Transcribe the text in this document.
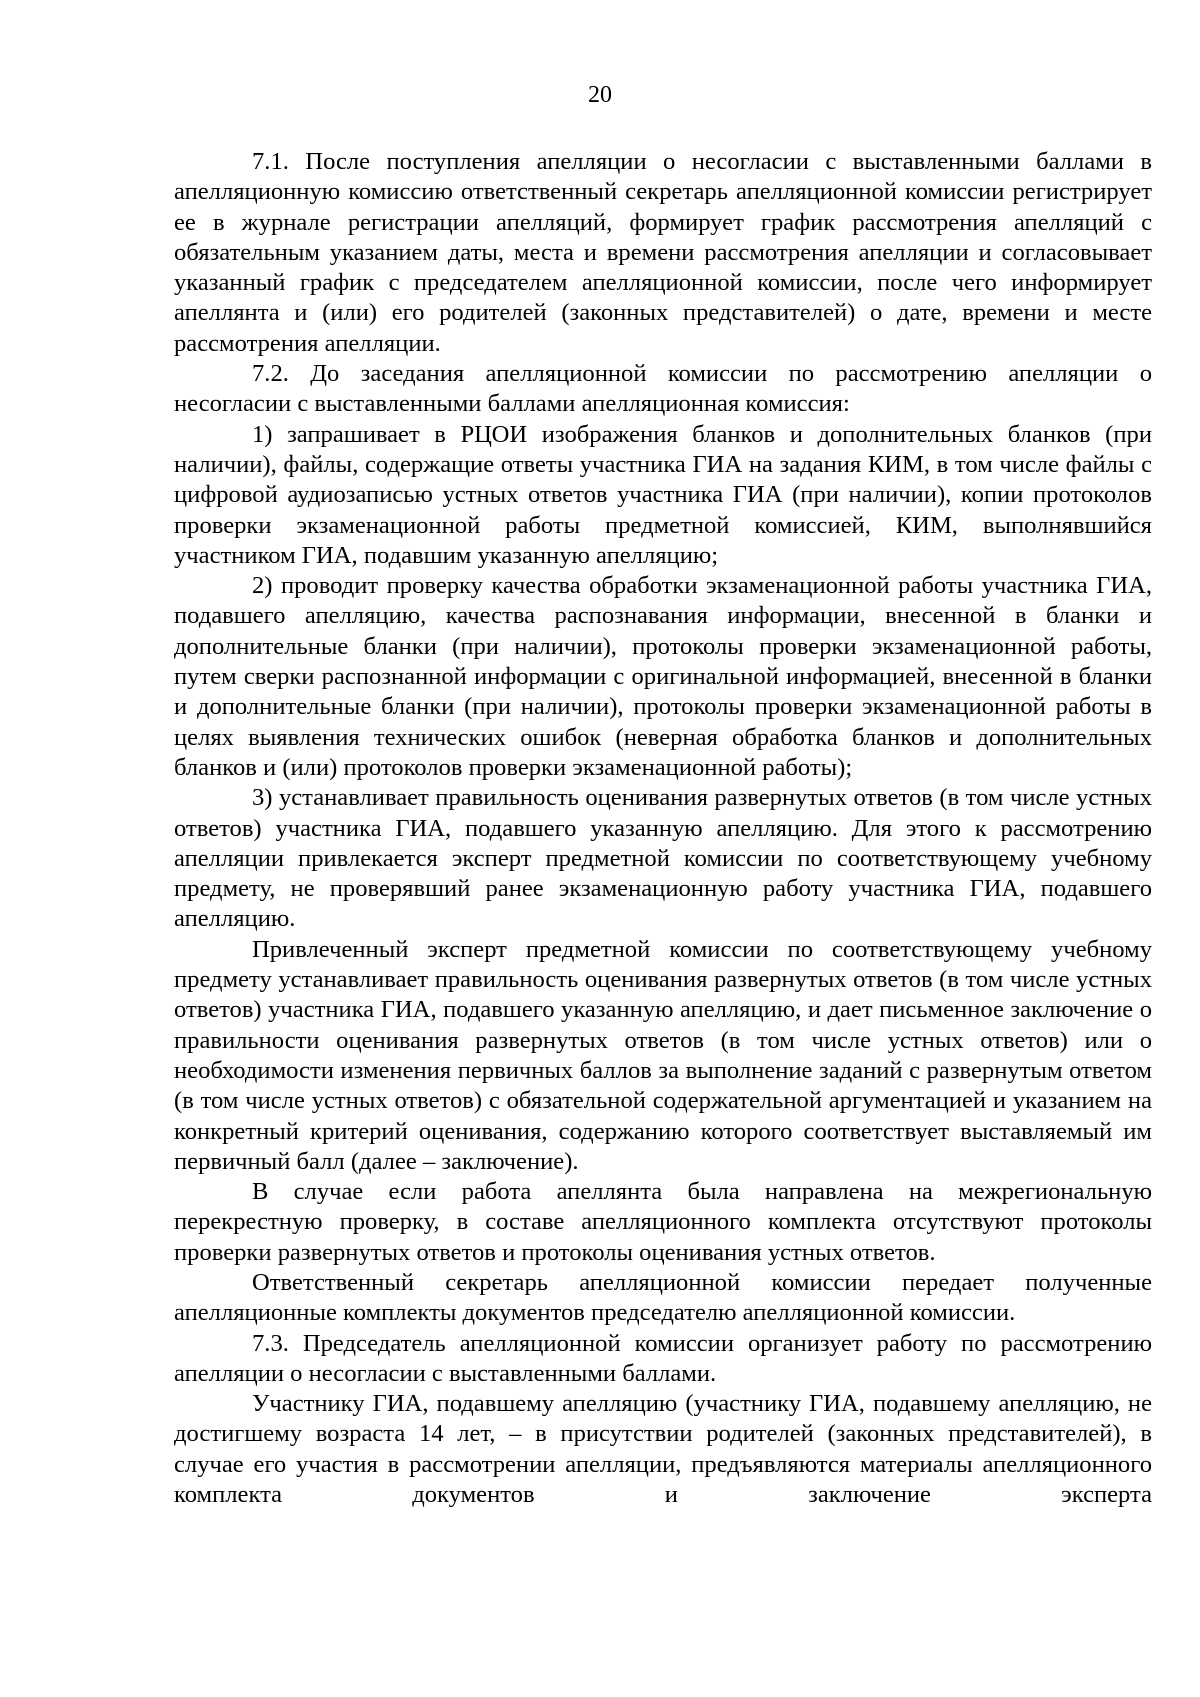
20

7.1. После поступления апелляции о несогласии с выставленными баллами в апелляционную комиссию ответственный секретарь апелляционной комиссии регистрирует ее в журнале регистрации апелляций, формирует график рассмотрения апелляций с обязательным указанием даты, места и времени рассмотрения апелляции и согласовывает указанный график с председателем апелляционной комиссии, после чего информирует апеллянта и (или) его родителей (законных представителей) о дате, времени и месте рассмотрения апелляции.

7.2. До заседания апелляционной комиссии по рассмотрению апелляции о несогласии с выставленными баллами апелляционная комиссия:

1) запрашивает в РЦОИ изображения бланков и дополнительных бланков (при наличии), файлы, содержащие ответы участника ГИА на задания КИМ, в том числе файлы с цифровой аудиозаписью устных ответов участника ГИА (при наличии), копии протоколов проверки экзаменационной работы предметной комиссией, КИМ, выполнявшийся участником ГИА, подавшим указанную апелляцию;

2) проводит проверку качества обработки экзаменационной работы участника ГИА, подавшего апелляцию, качества распознавания информации, внесенной в бланки и дополнительные бланки (при наличии), протоколы проверки экзаменационной работы, путем сверки распознанной информации с оригинальной информацией, внесенной в бланки и дополнительные бланки (при наличии), протоколы проверки экзаменационной работы в целях выявления технических ошибок (неверная обработка бланков и дополнительных бланков и (или) протоколов проверки экзаменационной работы);

3) устанавливает правильность оценивания развернутых ответов (в том числе устных ответов) участника ГИА, подавшего указанную апелляцию. Для этого к рассмотрению апелляции привлекается эксперт предметной комиссии по соответствующему учебному предмету, не проверявший ранее экзаменационную работу участника ГИА, подавшего апелляцию.

Привлеченный эксперт предметной комиссии по соответствующему учебному предмету устанавливает правильность оценивания развернутых ответов (в том числе устных ответов) участника ГИА, подавшего указанную апелляцию, и дает письменное заключение о правильности оценивания развернутых ответов (в том числе устных ответов) или о необходимости изменения первичных баллов за выполнение заданий с развернутым ответом (в том числе устных ответов) с обязательной содержательной аргументацией и указанием на конкретный критерий оценивания, содержанию которого соответствует выставляемый им первичный балл (далее – заключение).

В случае если работа апеллянта была направлена на межрегиональную перекрестную проверку, в составе апелляционного комплекта отсутствуют протоколы проверки развернутых ответов и протоколы оценивания устных ответов.

Ответственный секретарь апелляционной комиссии передает полученные апелляционные комплекты документов председателю апелляционной комиссии.

7.3. Председатель апелляционной комиссии организует работу по рассмотрению апелляции о несогласии с выставленными баллами.

Участнику ГИА, подавшему апелляцию (участнику ГИА, подавшему апелляцию, не достигшему возраста 14 лет, – в присутствии родителей (законных представителей), в случае его участия в рассмотрении апелляции, предъявляются материалы апелляционного комплекта документов и заключение эксперта
